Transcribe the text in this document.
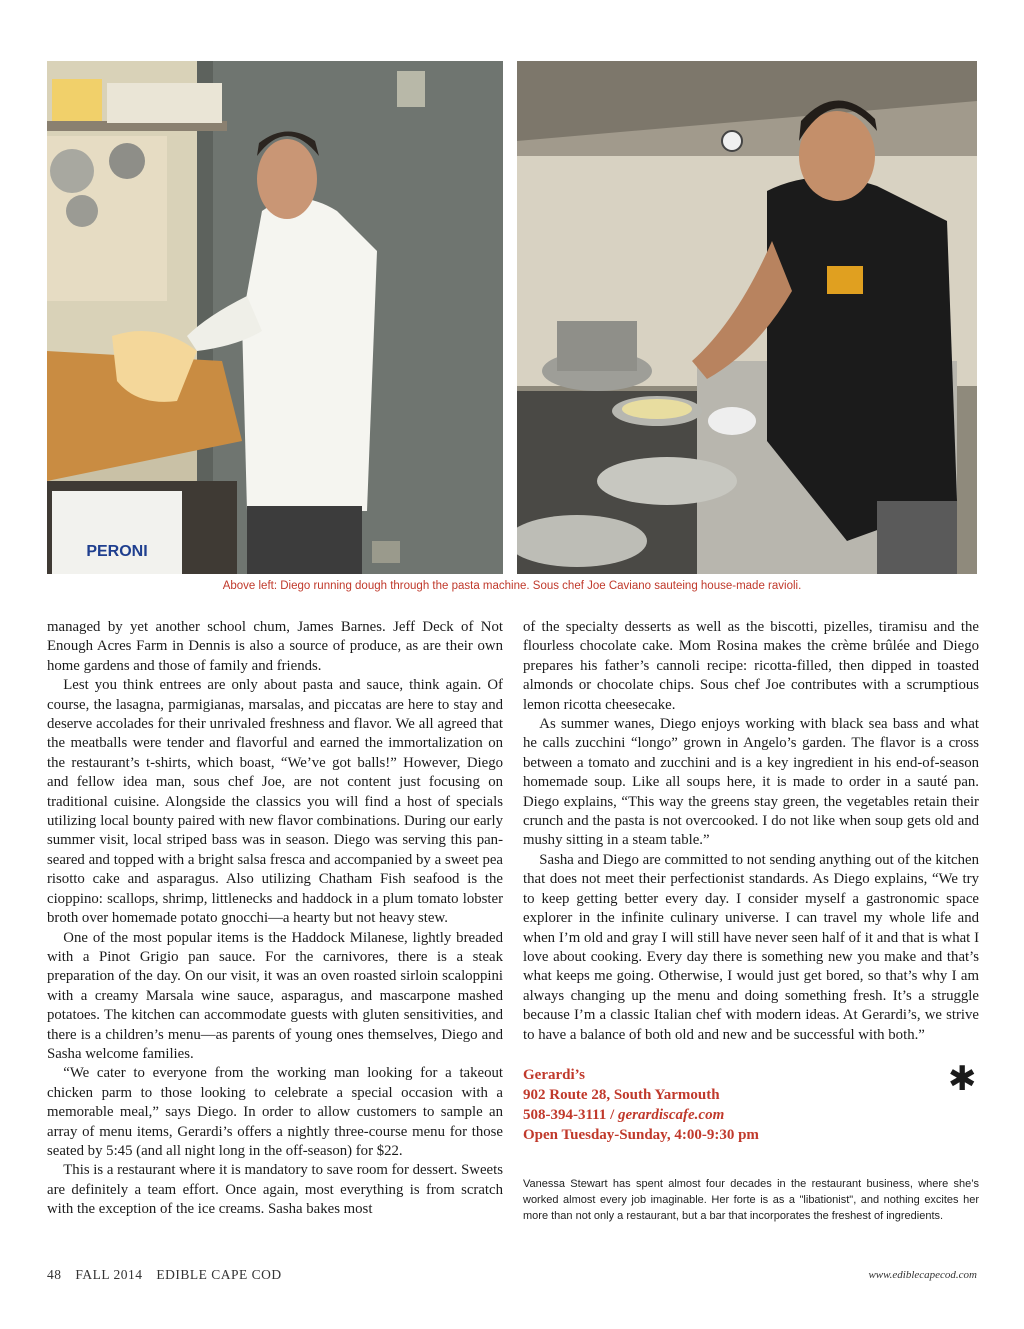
PERONI
Above left: Diego running dough through the pasta machine. Sous chef Joe Caviano sauteing house-made ravioli.

managed by yet another school chum, James Barnes. Jeff Deck of Not Enough Acres Farm in Dennis is also a source of produce, as are their own home gardens and those of family and friends.

Lest you think entrees are only about pasta and sauce, think again. Of course, the lasagna, parmigianas, marsalas, and piccatas are here to stay and deserve accolades for their unrivaled freshness and flavor. We all agreed that the meatballs were tender and flavorful and earned the immortalization on the restaurant’s t-shirts, which boast, “We’ve got balls!” However, Diego and fellow idea man, sous chef Joe, are not content just focusing on traditional cuisine. Alongside the classics you will find a host of specials utilizing local bounty paired with new flavor combinations. During our early summer visit, local striped bass was in season. Diego was serving this pan-seared and topped with a bright salsa fresca and accompanied by a sweet pea risotto cake and asparagus. Also utilizing Chatham Fish seafood is the cioppino: scallops, shrimp, littlenecks and haddock in a plum tomato lobster broth over homemade potato gnocchi—a hearty but not heavy stew.

One of the most popular items is the Haddock Milanese, lightly breaded with a Pinot Grigio pan sauce. For the carnivores, there is a steak preparation of the day. On our visit, it was an oven roasted sirloin scaloppini with a creamy Marsala wine sauce, asparagus, and mascarpone mashed potatoes. The kitchen can accommodate guests with gluten sensitivities, and there is a children’s menu—as parents of young ones themselves, Diego and Sasha welcome families.

“We cater to everyone from the working man looking for a takeout chicken parm to those looking to celebrate a special occasion with a memorable meal,” says Diego. In order to allow customers to sample an array of menu items, Gerardi’s offers a nightly three-course menu for those seated by 5:45 (and all night long in the off-season) for $22.

This is a restaurant where it is mandatory to save room for dessert. Sweets are definitely a team effort. Once again, most everything is from scratch with the exception of the ice creams. Sasha bakes most

of the specialty desserts as well as the biscotti, pizelles, tiramisu and the flourless chocolate cake. Mom Rosina makes the crème brûlée and Diego prepares his father’s cannoli recipe: ricotta-filled, then dipped in toasted almonds or chocolate chips. Sous chef Joe contributes with a scrumptious lemon ricotta cheesecake.

As summer wanes, Diego enjoys working with black sea bass and what he calls zucchini “longo” grown in Angelo’s garden. The flavor is a cross between a tomato and zucchini and is a key ingredient in his end-of-season homemade soup. Like all soups here, it is made to order in a sauté pan. Diego explains, “This way the greens stay green, the vegetables retain their crunch and the pasta is not overcooked. I do not like when soup gets old and mushy sitting in a steam table.”

Sasha and Diego are committed to not sending anything out of the kitchen that does not meet their perfectionist standards. As Diego explains, “We try to keep getting better every day. I consider myself a gastronomic space explorer in the infinite culinary universe. I can travel my whole life and when I’m old and gray I will still have never seen half of it and that is what I love about cooking. Every day there is something new you make and that’s what keeps me going. Otherwise, I would just get bored, so that’s why I am always changing up the menu and doing something fresh. It’s a struggle because I’m a classic Italian chef with modern ideas. At Gerardi’s, we strive to have a balance of both old and new and be successful with both.”

Gerardi’s
902 Route 28, South Yarmouth
508-394-3111 / gerardiscafe.com
Open Tuesday-Sunday, 4:00-9:30 pm
✱
Vanessa Stewart has spent almost four decades in the restaurant business, where she’s worked almost every job imaginable. Her forte is as a "libationist", and nothing excites her more than not only a restaurant, but a bar that incorporates the freshest of ingredients.
48 FALL 2014 EDIBLE CAPE COD	www.ediblecapecod.com
